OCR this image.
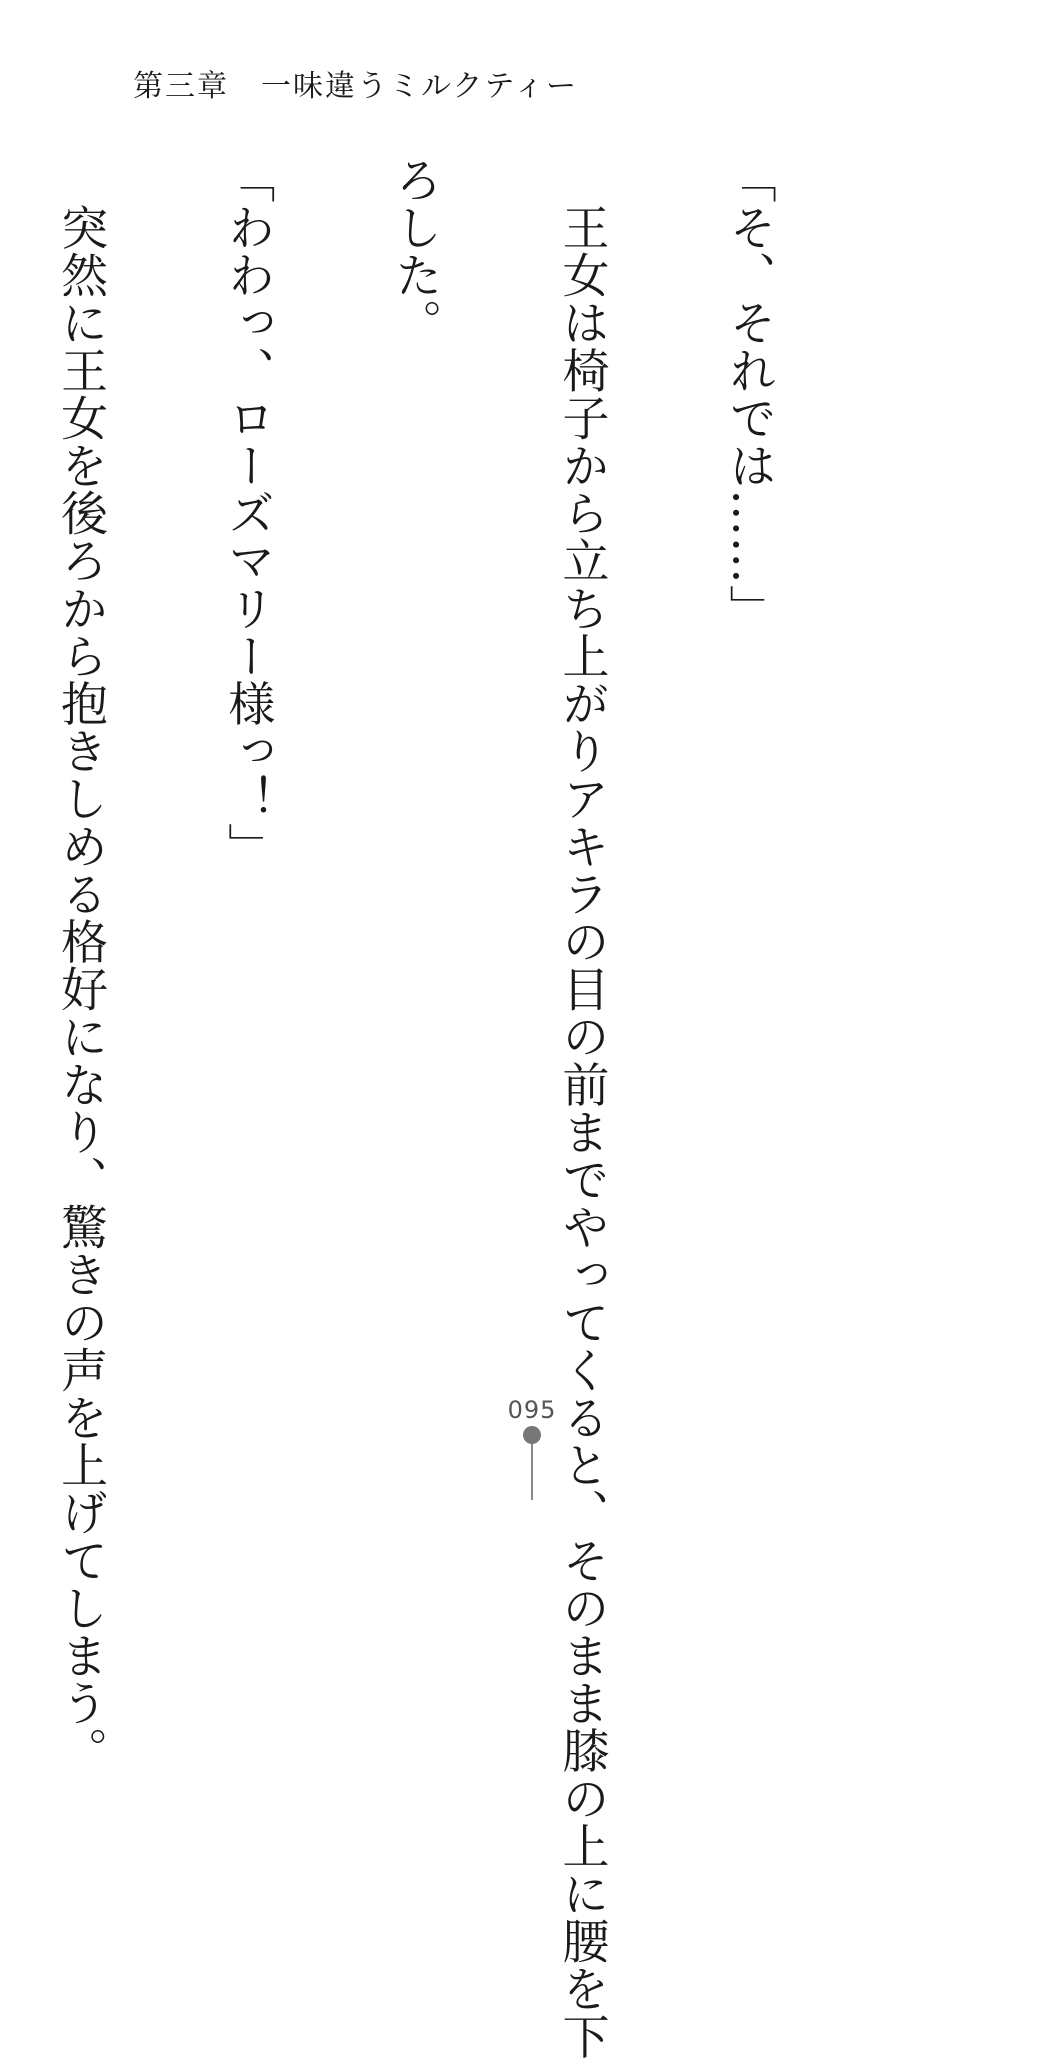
第三章　一味違うミルクティー

「そ、それでは……」

　王女は椅子から立ち上がりアキラの目の前までやってくると、そのまま膝の上に腰を下

ろした。

「わわっ、ローズマリー様っ！」

　突然に王女を後ろから抱きしめる格好になり、驚きの声を上げてしまう。

	095
